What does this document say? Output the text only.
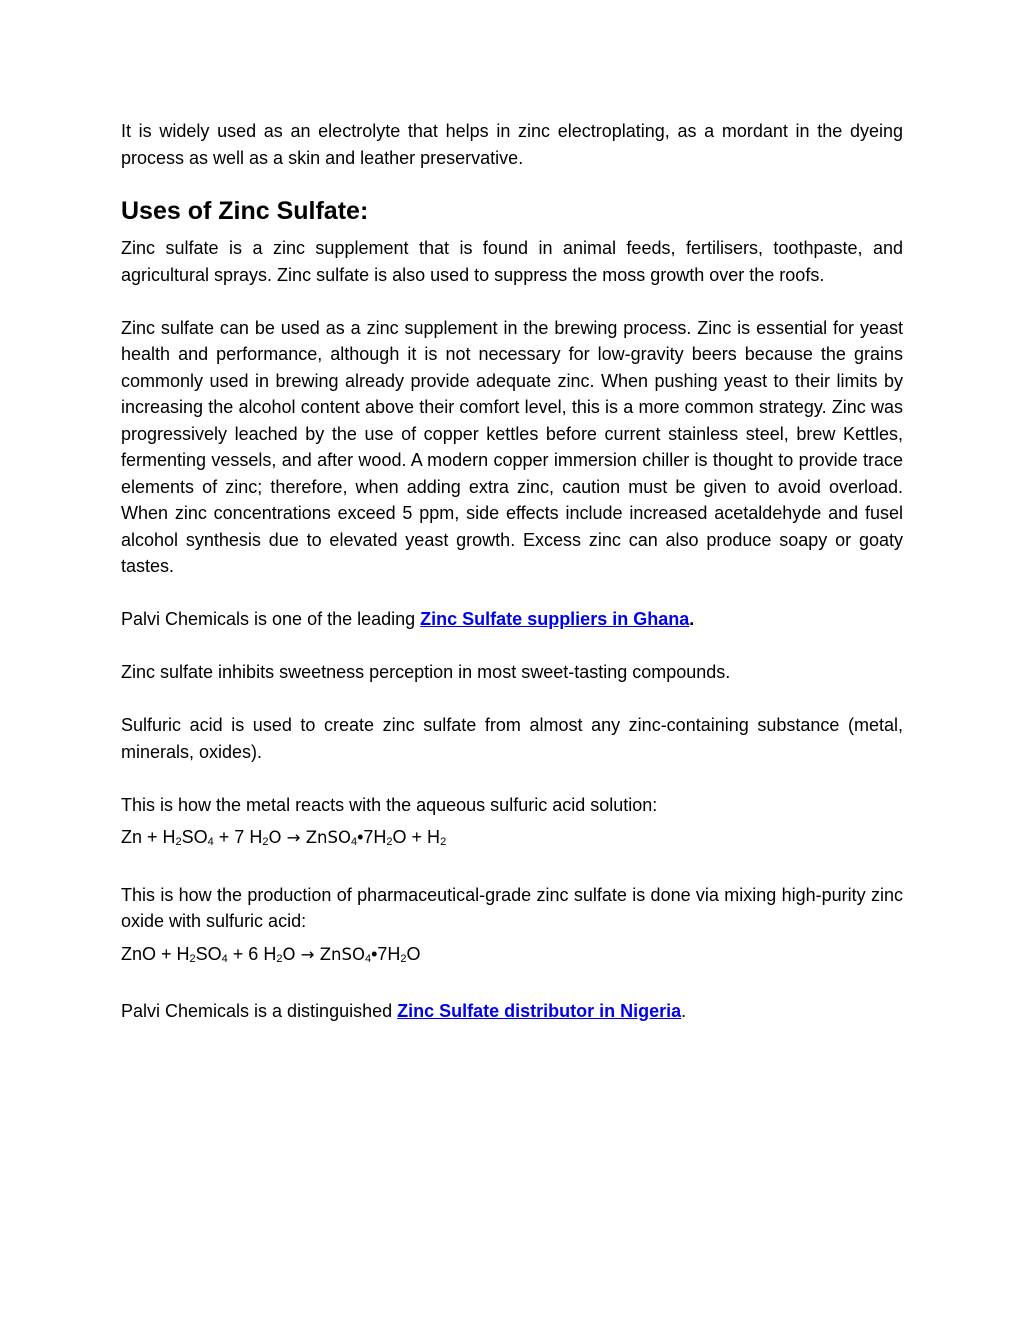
It is widely used as an electrolyte that helps in zinc electroplating, as a mordant in the dyeing process as well as a skin and leather preservative.

Uses of Zinc Sulfate:

Zinc sulfate is a zinc supplement that is found in animal feeds, fertilisers, toothpaste, and agricultural sprays. Zinc sulfate is also used to suppress the moss growth over the roofs.

Zinc sulfate can be used as a zinc supplement in the brewing process. Zinc is essential for yeast health and performance, although it is not necessary for low-gravity beers because the grains commonly used in brewing already provide adequate zinc. When pushing yeast to their limits by increasing the alcohol content above their comfort level, this is a more common strategy. Zinc was progressively leached by the use of copper kettles before current stainless steel, brew Kettles, fermenting vessels, and after wood. A modern copper immersion chiller is thought to provide trace elements of zinc; therefore, when adding extra zinc, caution must be given to avoid overload. When zinc concentrations exceed 5 ppm, side effects include increased acetaldehyde and fusel alcohol synthesis due to elevated yeast growth. Excess zinc can also produce soapy or goaty tastes.

Palvi Chemicals is one of the leading Zinc Sulfate suppliers in Ghana.

Zinc sulfate inhibits sweetness perception in most sweet-tasting compounds.

Sulfuric acid is used to create zinc sulfate from almost any zinc-containing substance (metal, minerals, oxides).

This is how the metal reacts with the aqueous sulfuric acid solution:

$Zn + H_2SO_4 + 7$ $H_2O$ → $ZnSO_4•7H_2O + H_2$

This is how the production of pharmaceutical-grade zinc sulfate is done via mixing high-purity zinc oxide with sulfuric acid:

ZnO + $H_2SO_4 + 6$ $H_2O$ → $ZnSO_4•7H_2O$

Palvi Chemicals is a distinguished Zinc Sulfate distributor in Nigeria.
